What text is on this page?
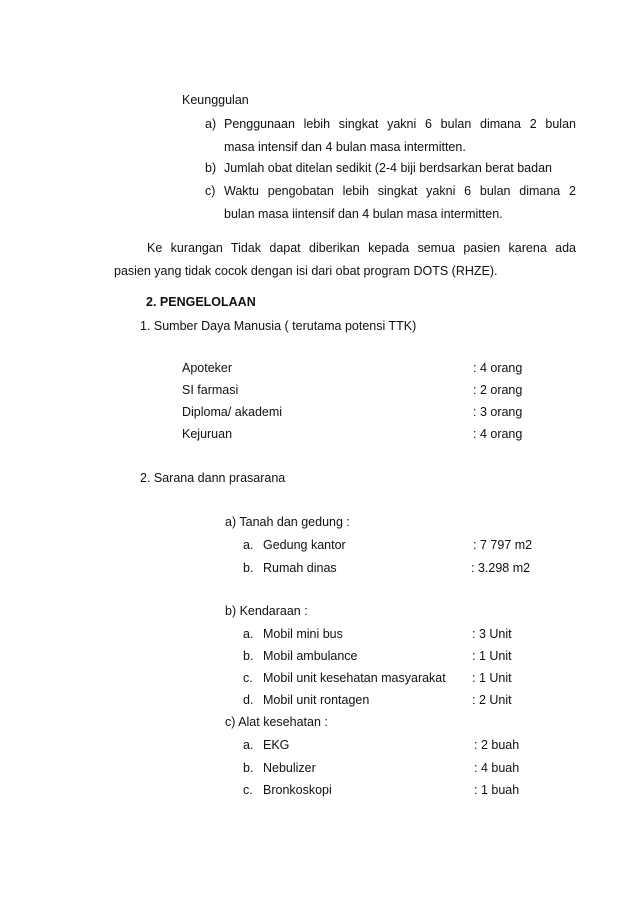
Keunggulan
a) Penggunaan lebih singkat yakni 6 bulan dimana 2 bulan
masa intensif dan 4 bulan masa intermitten.
b) Jumlah obat ditelan sedikit (2-4 biji berdsarkan berat badan
c) Waktu pengobatan lebih singkat yakni 6 bulan dimana 2
bulan masa iintensif dan 4 bulan masa intermitten.
Ke kurangan Tidak dapat diberikan kepada semua pasien karena ada
pasien yang tidak cocok dengan isi dari obat program DOTS (RHZE).
2. PENGELOLAAN
1. Sumber Daya Manusia ( terutama potensi TTK)
Apoteker	: 4 orang
SI farmasi	: 2 orang
Diploma/ akademi	: 3 orang
Kejuruan	: 4 orang
2. Sarana dann prasarana
a) Tanah dan gedung :
a. Gedung kantor	: 7 797 m2
b. Rumah dinas	: 3.298 m2
b) Kendaraan :
a. Mobil mini bus	: 3 Unit
b. Mobil ambulance	: 1 Unit
c. Mobil unit kesehatan masyarakat : 1 Unit
d. Mobil unit rontagen	: 2 Unit
c) Alat kesehatan :
a. EKG	: 2 buah
b. Nebulizer	: 4 buah
c. Bronkoskopi	: 1 buah
